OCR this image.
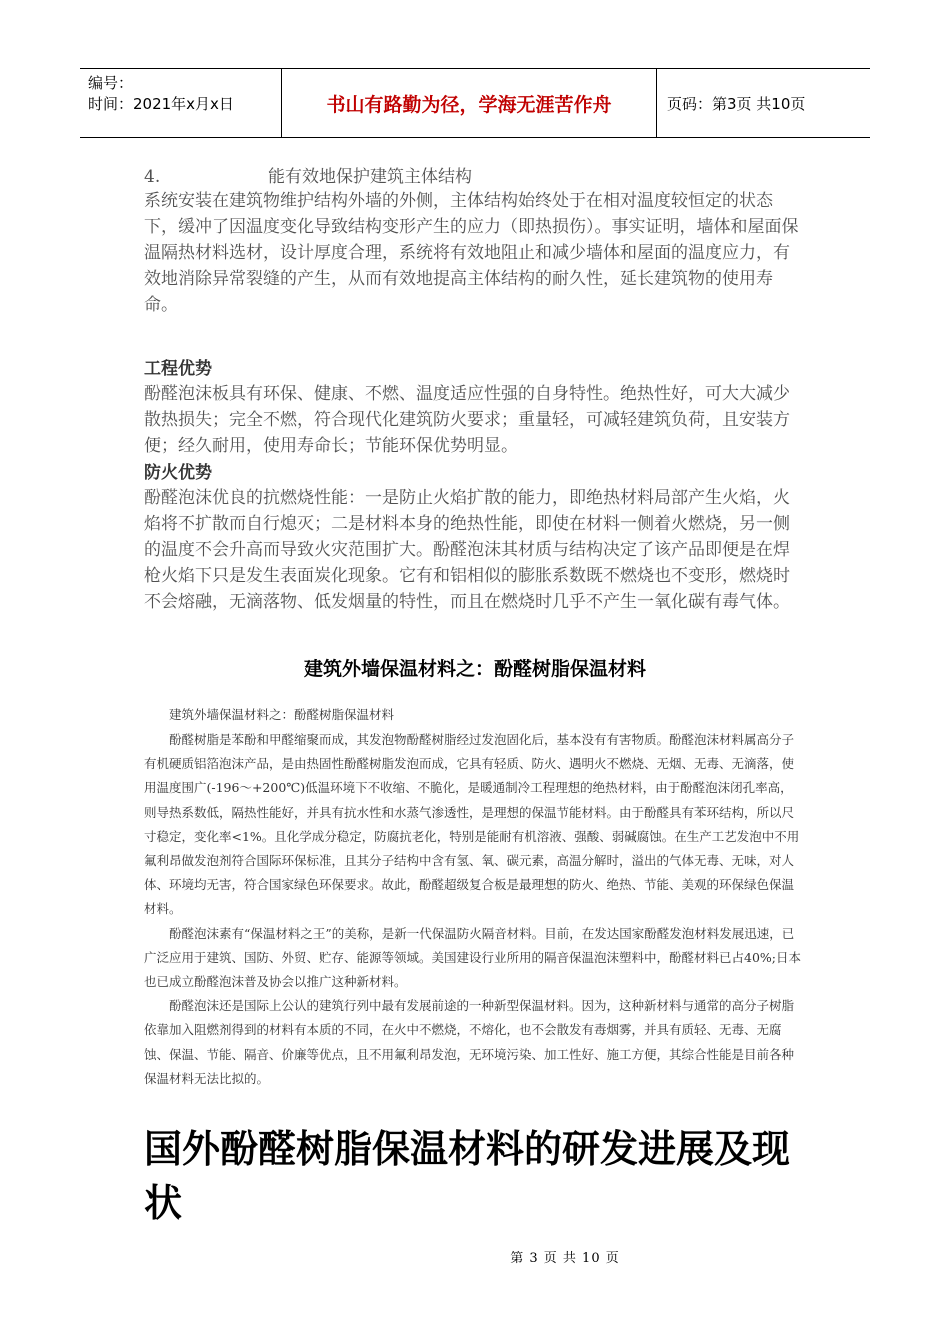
编号：
时间：2021年x月x日	书山有路勤为径，学海无涯苦作舟	页码：第3页 共10页
4.	能有效地保护建筑主体结构

系统安装在建筑物维护结构外墙的外侧，主体结构始终处于在相对温度较恒定的状态下，缓冲了因温度变化导致结构变形产生的应力（即热损伤）。事实证明，墙体和屋面保温隔热材料选材，设计厚度合理，系统将有效地阻止和减少墙体和屋面的温度应力，有效地消除异常裂缝的产生，从而有效地提高主体结构的耐久性，延长建筑物的使用寿命。

工程优势

酚醛泡沫板具有环保、健康、不燃、温度适应性强的自身特性。绝热性好，可大大减少散热损失；完全不燃，符合现代化建筑防火要求；重量轻，可减轻建筑负荷，且安装方便；经久耐用，使用寿命长；节能环保优势明显。

防火优势

酚醛泡沫优良的抗燃烧性能：一是防止火焰扩散的能力，即绝热材料局部产生火焰，火焰将不扩散而自行熄灭；二是材料本身的绝热性能，即使在材料一侧着火燃烧，另一侧的温度不会升高而导致火灾范围扩大。酚醛泡沫其材质与结构决定了该产品即便是在焊枪火焰下只是发生表面炭化现象。它有和铝相似的膨胀系数既不燃烧也不变形，燃烧时不会熔融，无滴落物、低发烟量的特性，而且在燃烧时几乎不产生一氧化碳有毒气体。

建筑外墙保温材料之：酚醛树脂保温材料

建筑外墙保温材料之：酚醛树脂保温材料

酚醛树脂是苯酚和甲醛缩聚而成，其发泡物酚醛树脂经过发泡固化后，基本没有有害物质。酚醛泡沫材料属高分子有机硬质铝箔泡沫产品，是由热固性酚醛树脂发泡而成，它具有轻质、防火、遇明火不燃烧、无烟、无毒、无滴落，使用温度围广(-196～+200℃)低温环境下不收缩、不脆化，是暖通制冷工程理想的绝热材料，由于酚醛泡沫闭孔率高，则导热系数低，隔热性能好，并具有抗水性和水蒸气渗透性，是理想的保温节能材料。由于酚醛具有苯环结构，所以尺寸稳定，变化率<1%。且化学成分稳定，防腐抗老化，特别是能耐有机溶液、强酸、弱碱腐蚀。在生产工艺发泡中不用氟利昂做发泡剂符合国际环保标准，且其分子结构中含有氢、氧、碳元素，高温分解时，溢出的气体无毒、无味，对人体、环境均无害，符合国家绿色环保要求。故此，酚醛超级复合板是最理想的防火、绝热、节能、美观的环保绿色保温材料。

酚醛泡沫素有“保温材料之王”的美称，是新一代保温防火隔音材料。目前，在发达国家酚醛发泡材料发展迅速，已广泛应用于建筑、国防、外贸、贮存、能源等领域。美国建设行业所用的隔音保温泡沫塑料中，酚醛材料已占40%;日本也已成立酚醛泡沫普及协会以推广这种新材料。

酚醛泡沫还是国际上公认的建筑行列中最有发展前途的一种新型保温材料。因为，这种新材料与通常的高分子树脂依靠加入阻燃剂得到的材料有本质的不同，在火中不燃烧，不熔化，也不会散发有毒烟雾，并具有质轻、无毒、无腐蚀、保温、节能、隔音、价廉等优点，且不用氟利昂发泡，无环境污染、加工性好、施工方便，其综合性能是目前各种保温材料无法比拟的。

国外酚醛树脂保温材料的研发进展及现状
第 3 页 共 10 页
